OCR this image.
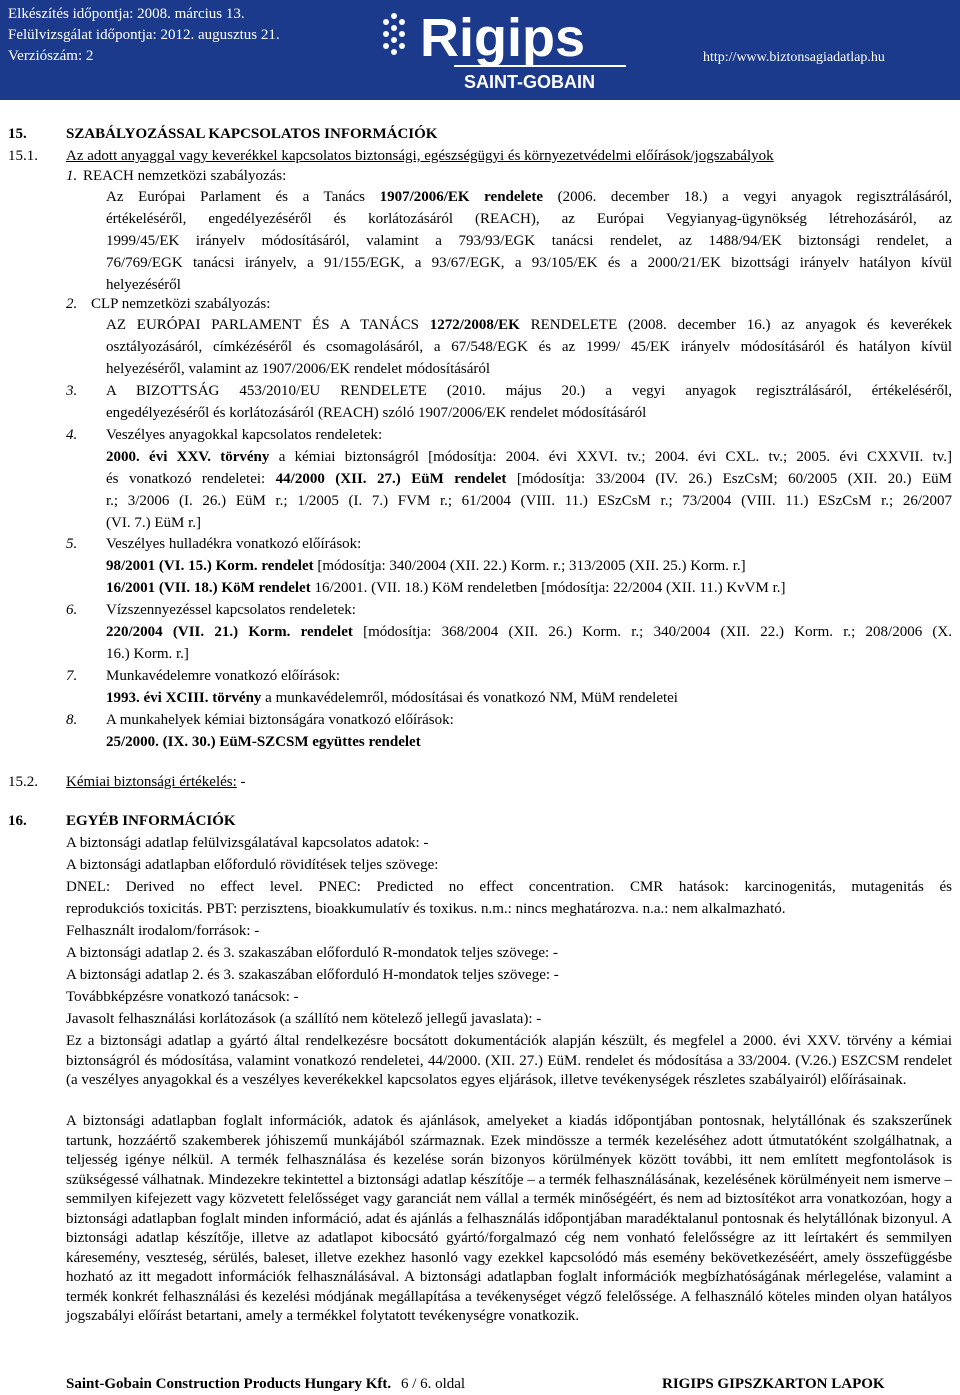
Elkészítés időpontja: 2008. március 13.
Felülvizsgálat időpontja: 2012. augusztus 21.
Verziószám: 2	Rigips
SAINT-GOBAIN
http://www.biztonsagiadatlap.hu
15.	SZABÁLYOZÁSSAL KAPCSOLATOS INFORMÁCIÓK
15.1. Az adott anyaggal vagy keverékkel kapcsolatos biztonsági, egészségügyi és környezetvédelmi előírások/jogszabályok
1. REACH nemzetközi szabályozás:
Az Európai Parlament és a Tanács 1907/2006/EK rendelete (2006. december 18.) a vegyi anyagok regisztrálásáról,
értékeléséről, engedélyezéséről és korlátozásáról (REACH), az Európai Vegyianyag-ügynökség létrehozásáról, az
1999/45/EK irányelv módosításáról, valamint a 793/93/EGK tanácsi rendelet, az 1488/94/EK biztonsági rendelet, a
76/769/EGK tanácsi irányelv, a 91/155/EGK, a 93/67/EGK, a 93/105/EK és a 2000/21/EK bizottsági irányelv hatályon kívül
helyezéséről
2. CLP nemzetközi szabályozás:
AZ EURÓPAI PARLAMENT ÉS A TANÁCS 1272/2008/EK RENDELETE (2008. december 16.) az anyagok és keverékek
osztályozásáról, címkézéséről és csomagolásáról, a 67/548/EGK és az 1999/ 45/EK irányelv módosításáról és hatályon kívül
helyezéséről, valamint az 1907/2006/EK rendelet módosításáról
3. A BIZOTTSÁG 453/2010/EU RENDELETE (2010. május 20.) a vegyi anyagok regisztrálásáról, értékeléséről,
engedélyezéséről és korlátozásáról (REACH) szóló 1907/2006/EK rendelet módosításáról
4. Veszélyes anyagokkal kapcsolatos rendeletek:
2000. évi XXV. törvény a kémiai biztonságról [módosítja: 2004. évi XXVI. tv.; 2004. évi CXL. tv.; 2005. évi CXXVII. tv.]
és vonatkozó rendeletei: 44/2000 (XII. 27.) EüM rendelet [módosítja: 33/2004 (IV. 26.) EszCsM; 60/2005 (XII. 20.) EüM
r.; 3/2006 (I. 26.) EüM r.; 1/2005 (I. 7.) FVM r.; 61/2004 (VIII. 11.) ESzCsM r.; 73/2004 (VIII. 11.) ESzCsM r.; 26/2007
(VI. 7.) EüM r.]
5. Veszélyes hulladékra vonatkozó előírások:
98/2001 (VI. 15.) Korm. rendelet [módosítja: 340/2004 (XII. 22.) Korm. r.; 313/2005 (XII. 25.) Korm. r.]
16/2001 (VII. 18.) KöM rendelet 16/2001. (VII. 18.) KöM rendeletben [módosítja: 22/2004 (XII. 11.) KvVM r.]
6. Vízszennyezéssel kapcsolatos rendeletek:
220/2004 (VII. 21.) Korm. rendelet [módosítja: 368/2004 (XII. 26.) Korm. r.; 340/2004 (XII. 22.) Korm. r.; 208/2006 (X.
16.) Korm. r.]
7. Munkavédelemre vonatkozó előírások:
1993. évi XCIII. törvény a munkavédelemről, módosításai és vonatkozó NM, MüM rendeletei
8. A munkahelyek kémiai biztonságára vonatkozó előírások:
25/2000. (IX. 30.) EüM-SZCSM együttes rendelet
15.2. Kémiai biztonsági értékelés: -
16.	EGYÉB INFORMÁCIÓK
A biztonsági adatlap felülvizsgálatával kapcsolatos adatok: -
A biztonsági adatlapban előforduló rövidítések teljes szövege:
DNEL: Derived no effect level. PNEC: Predicted no effect concentration. CMR hatások: karcinogenitás, mutagenitás és
reprodukciós toxicitás. PBT: perzisztens, bioakkumulatív és toxikus. n.m.: nincs meghatározva. n.a.: nem alkalmazható.
Felhasznált irodalom/források: -
A biztonsági adatlap 2. és 3. szakaszában előforduló R-mondatok teljes szövege: -
A biztonsági adatlap 2. és 3. szakaszában előforduló H-mondatok teljes szövege: -
Továbbképzésre vonatkozó tanácsok: -
Javasolt felhasználási korlátozások (a szállító nem kötelező jellegű javaslata): -
Ez a biztonsági adatlap a gyártó által rendelkezésre bocsátott dokumentációk alapján készült, és megfelel a 2000. évi XXV. törvény a kémiai biztonságról és módosítása, valamint vonatkozó rendeletei, 44/2000. (XII. 27.) EüM. rendelet és módosítása a 33/2004. (V.26.) ESZCSM rendelet (a veszélyes anyagokkal és a veszélyes keverékekkel kapcsolatos egyes eljárások, illetve tevékenységek részletes szabályairól) előírásainak.
A biztonsági adatlapban foglalt információk, adatok és ajánlások, amelyeket a kiadás időpontjában pontosnak, helytállónak és szakszerűnek tartunk, hozzáértő szakemberek jóhiszemű munkájából származnak. Ezek mindössze a termék kezeléséhez adott útmutatóként szolgálhatnak, a teljesség igénye nélkül. A termék felhasználása és kezelése során bizonyos körülmények között további, itt nem említett megfontolások is szükségessé válhatnak. Mindezekre tekintettel a biztonsági adatlap készítője – a termék felhasználásának, kezelésének körülményeit nem ismerve – semmilyen kifejezett vagy közvetett felelősséget vagy garanciát nem vállal a termék minőségéért, és nem ad biztosítékot arra vonatkozóan, hogy a biztonsági adatlapban foglalt minden információ, adat és ajánlás a felhasználás időpontjában maradéktalanul pontosnak és helytállónak bizonyul. A biztonsági adatlap készítője, illetve az adatlapot kibocsátó gyártó/forgalmazó cég nem vonható felelősségre az itt leírtakért és semmilyen káresemény, veszteség, sérülés, baleset, illetve ezekhez hasonló vagy ezekkel kapcsolódó más esemény bekövetkezéséért, amely összefüggésbe hozható az itt megadott információk felhasználásával. A biztonsági adatlapban foglalt információk megbízhatóságának mérlegelése, valamint a termék konkrét felhasználási és kezelési módjának megállapítása a tevékenységet végző felelőssége. A felhasználó köteles minden olyan hatályos jogszabályi előírást betartani, amely a termékkel folytatott tevékenységre vonatkozik.
Saint-Gobain Construction Products Hungary Kft. 6 / 6. oldal	RIGIPS GIPSZKARTON LAPOK
